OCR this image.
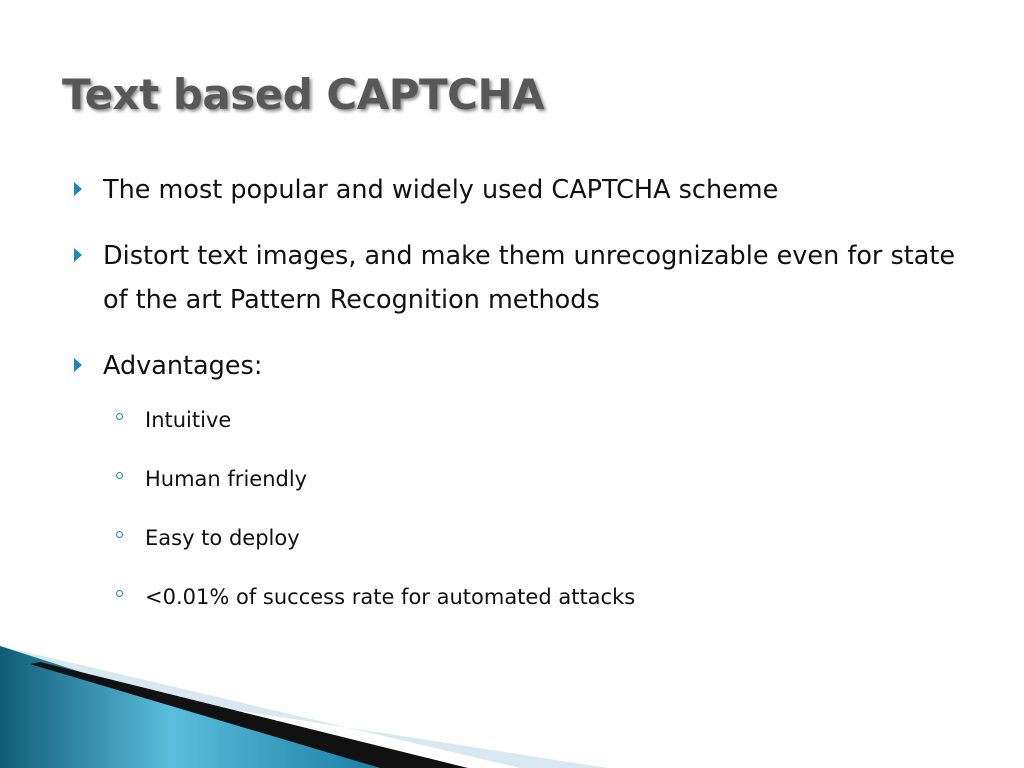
Text based CAPTCHA
The most popular and widely used CAPTCHA scheme
Distort text images, and make them unrecognizable even for state of the art Pattern Recognition methods
Advantages:
Intuitive
Human friendly
Easy to deploy
<0.01% of success rate for automated attacks
